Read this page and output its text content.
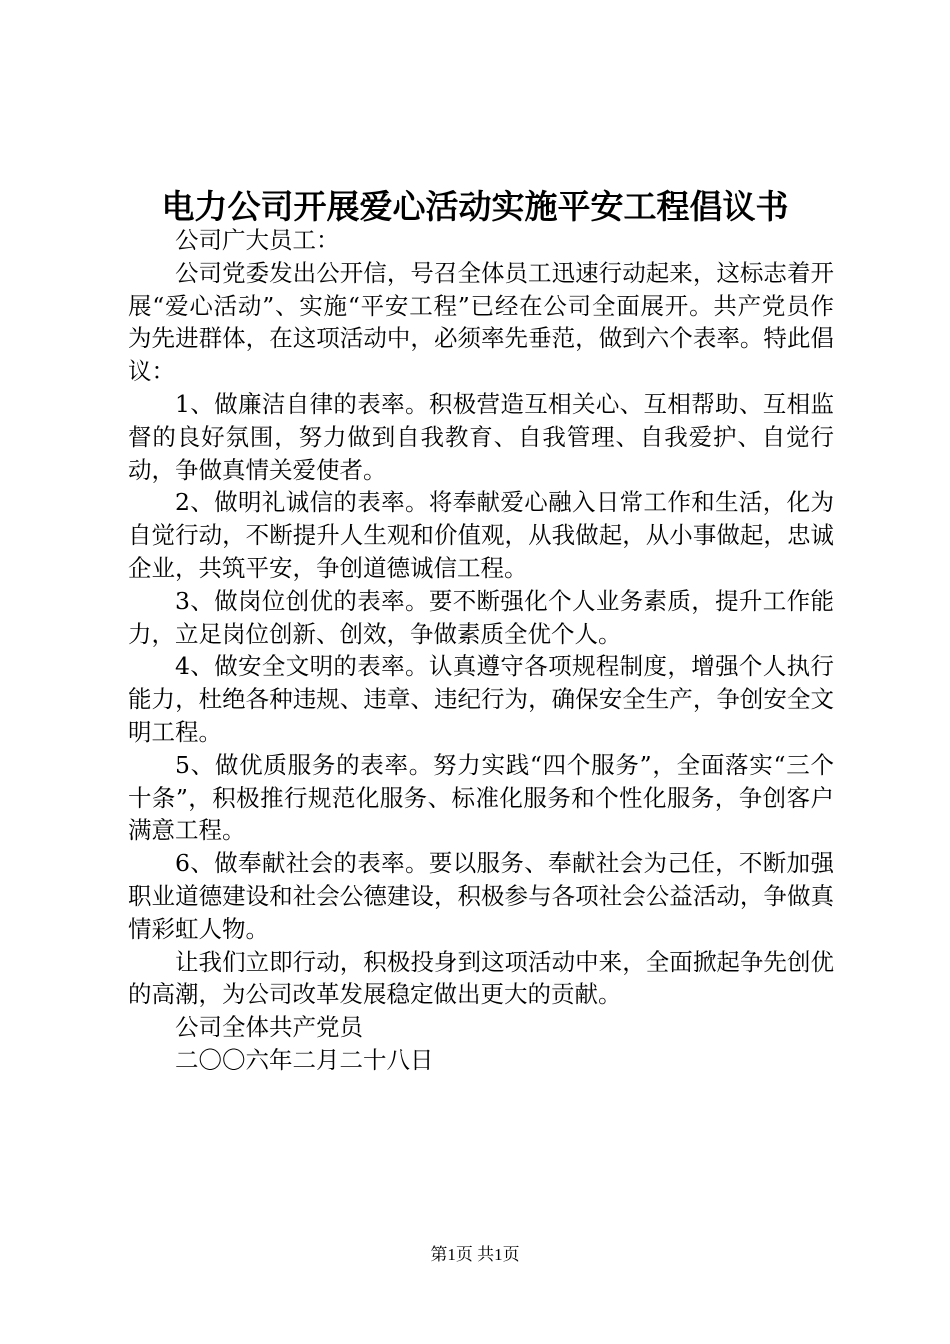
电力公司开展爱心活动实施平安工程倡议书

公司广大员工：

公司党委发出公开信，号召全体员工迅速行动起来，这标志着开展“爱心活动”、实施“平安工程”已经在公司全面展开。共产党员作为先进群体，在这项活动中，必须率先垂范，做到六个表率。特此倡议：

1、做廉洁自律的表率。积极营造互相关心、互相帮助、互相监督的良好氛围，努力做到自我教育、自我管理、自我爱护、自觉行动，争做真情关爱使者。

2、做明礼诚信的表率。将奉献爱心融入日常工作和生活，化为自觉行动，不断提升人生观和价值观，从我做起，从小事做起，忠诚企业，共筑平安，争创道德诚信工程。

3、做岗位创优的表率。要不断强化个人业务素质，提升工作能力，立足岗位创新、创效，争做素质全优个人。

4、做安全文明的表率。认真遵守各项规程制度，增强个人执行能力，杜绝各种违规、违章、违纪行为，确保安全生产，争创安全文明工程。

5、做优质服务的表率。努力实践“四个服务”，全面落实“三个十条”，积极推行规范化服务、标准化服务和个性化服务，争创客户满意工程。

6、做奉献社会的表率。要以服务、奉献社会为己任，不断加强职业道德建设和社会公德建设，积极参与各项社会公益活动，争做真情彩虹人物。

让我们立即行动，积极投身到这项活动中来，全面掀起争先创优的高潮，为公司改革发展稳定做出更大的贡献。

公司全体共产党员

二〇〇六年二月二十八日

第1页 共1页
